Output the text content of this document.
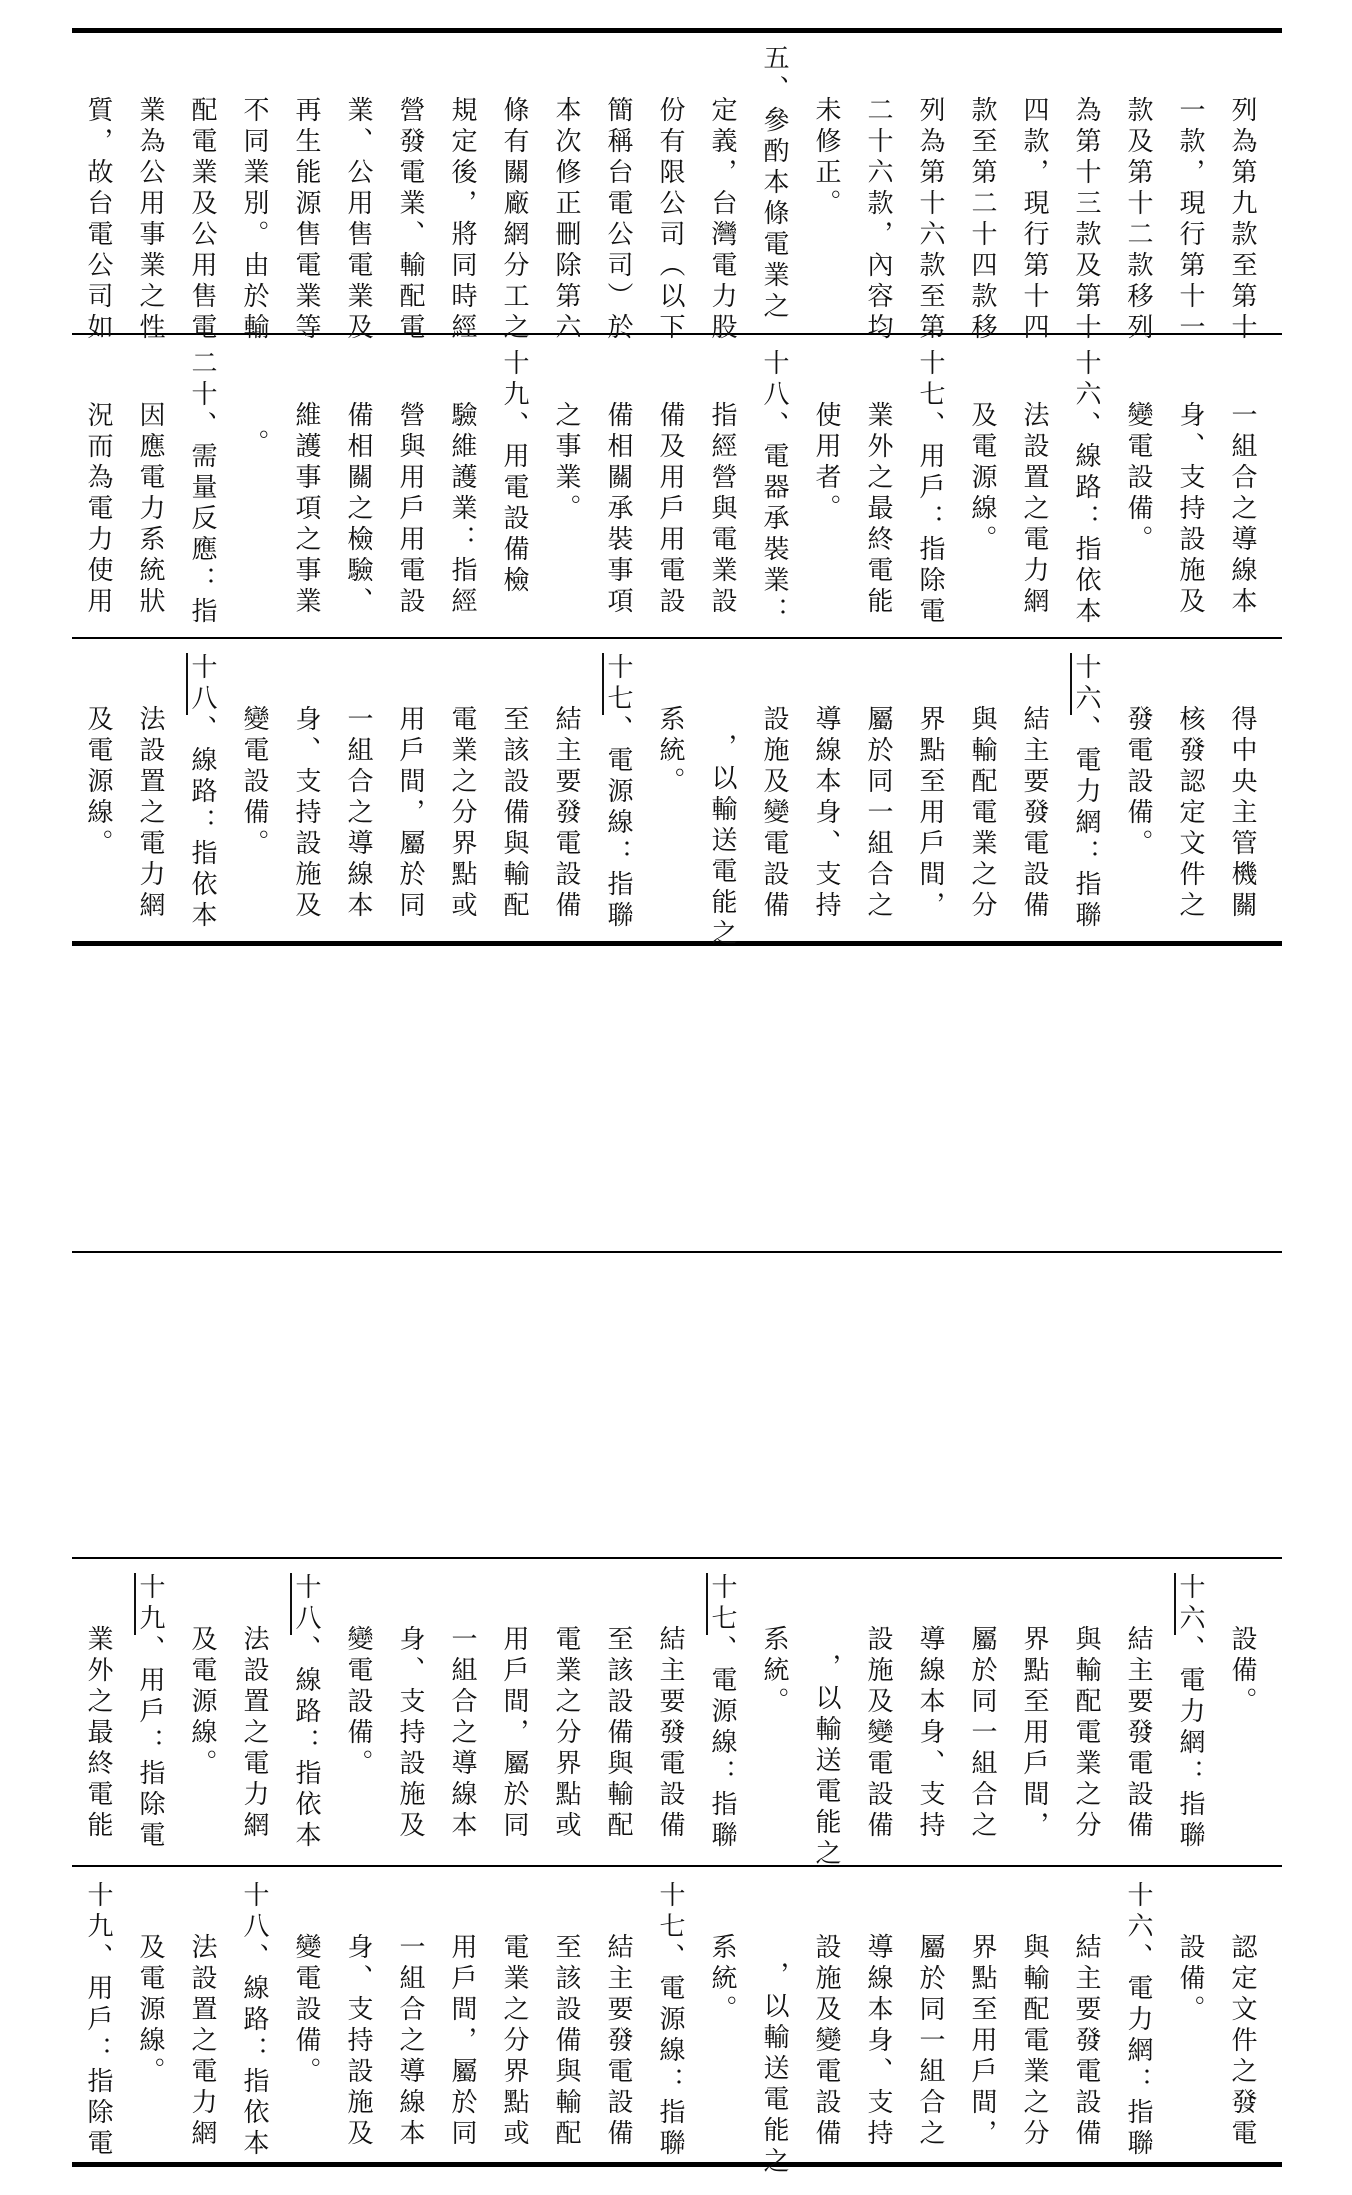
列為第九款至第十
一款，現行第十一
款及第十二款移列
為第十三款及第十
四款，現行第十四
款至第二十四款移
列為第十六款至第
二十六款，內容均
未修正。
五、參酌本條電業之
定義，台灣電力股
份有限公司（以下
簡稱台電公司）於
本次修正刪除第六
條有關廠網分工之
規定後，將同時經
營發電業、輸配電
業、公用售電業及
再生能源售電業等
不同業別。由於輸
配電業及公用售電
業為公用事業之性
質，故台電公司如
一組合之導線本
身、支持設施及
變電設備。
十六、線路：指依本
法設置之電力網
及電源線。
十七、用戶：指除電
業外之最終電能
使用者。
十八、電器承裝業：
指經營與電業設
備及用戶用電設
備相關承裝事項
之事業。
十九、用電設備檢
驗維護業：指經
營與用戶用電設
備相關之檢驗、
維護事項之事業
。
二十、需量反應：指
因應電力系統狀
況而為電力使用
得中央主管機關
核發認定文件之
發電設備。
十六、電力網：指聯
結主要發電設備
與輸配電業之分
界點至用戶間，
屬於同一組合之
導線本身、支持
設施及變電設備
，以輸送電能之
系統。
十七、電源線：指聯
結主要發電設備
至該設備與輸配
電業之分界點或
用戶間，屬於同
一組合之導線本
身、支持設施及
變電設備。
十八、線路：指依本
法設置之電力網
及電源線。
設備。
十六、電力網：指聯
結主要發電設備
與輸配電業之分
界點至用戶間，
屬於同一組合之
導線本身、支持
設施及變電設備
，以輸送電能之
系統。
十七、電源線：指聯
結主要發電設備
至該設備與輸配
電業之分界點或
用戶間，屬於同
一組合之導線本
身、支持設施及
變電設備。
十八、線路：指依本
法設置之電力網
及電源線。
十九、用戶：指除電
業外之最終電能
認定文件之發電
設備。
十六、電力網：指聯
結主要發電設備
與輸配電業之分
界點至用戶間，
屬於同一組合之
導線本身、支持
設施及變電設備
，以輸送電能之
系統。
十七、電源線：指聯
結主要發電設備
至該設備與輸配
電業之分界點或
用戶間，屬於同
一組合之導線本
身、支持設施及
變電設備。
十八、線路：指依本
法設置之電力網
及電源線。
十九、用戶：指除電
